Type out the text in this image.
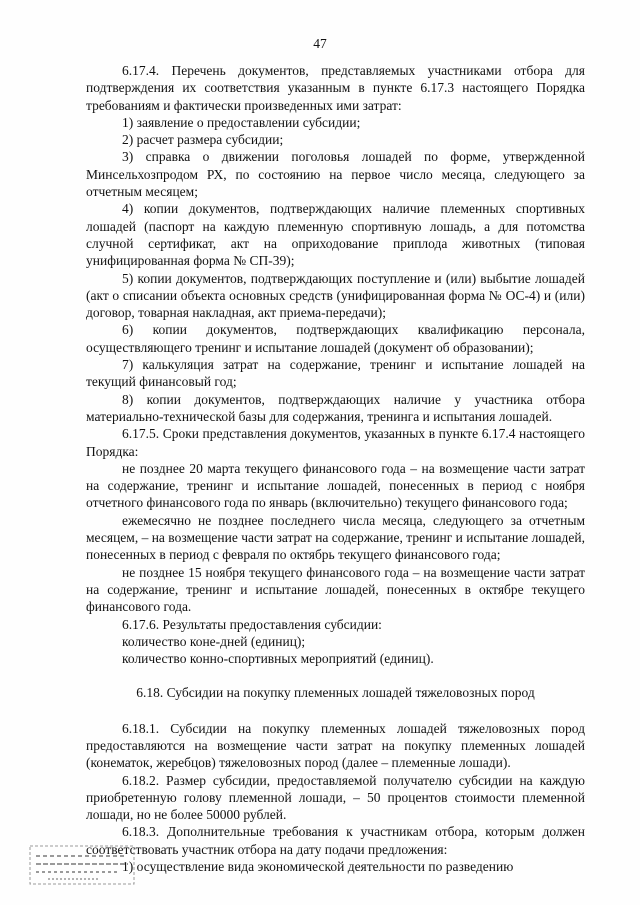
47

6.17.4. Перечень документов, представляемых участниками отбора для подтверждения их соответствия указанным в пункте 6.17.3 настоящего Порядка требованиям и фактически произведенных ими затрат:

1) заявление о предоставлении субсидии;

2) расчет размера субсидии;

3) справка о движении поголовья лошадей по форме, утвержденной Минсельхозпродом РХ, по состоянию на первое число месяца, следующего за отчетным месяцем;

4) копии документов, подтверждающих наличие племенных спортивных лошадей (паспорт на каждую племенную спортивную лошадь, а для потомства случной сертификат, акт на оприходование приплода животных (типовая унифицированная форма № СП-39);

5) копии документов, подтверждающих поступление и (или) выбытие лошадей (акт о списании объекта основных средств (унифицированная форма № ОС-4) и (или) договор, товарная накладная, акт приема-передачи);

6) копии документов, подтверждающих квалификацию персонала, осуществляющего тренинг и испытание лошадей (документ об образовании);

7) калькуляция затрат на содержание, тренинг и испытание лошадей на текущий финансовый год;

8) копии документов, подтверждающих наличие у участника отбора материально-технической базы для содержания, тренинга и испытания лошадей.

6.17.5. Сроки представления документов, указанных в пункте 6.17.4 настоящего Порядка:

не позднее 20 марта текущего финансового года – на возмещение части затрат на содержание, тренинг и испытание лошадей, понесенных в период с ноября отчетного финансового года по январь (включительно) текущего финансового года;

ежемесячно не позднее последнего числа месяца, следующего за отчетным месяцем, – на возмещение части затрат на содержание, тренинг и испытание лошадей, понесенных в период с февраля по октябрь текущего финансового года;

не позднее 15 ноября текущего финансового года – на возмещение части затрат на содержание, тренинг и испытание лошадей, понесенных в октябре текущего финансового года.

6.17.6. Результаты предоставления субсидии:

количество коне-дней (единиц);

количество конно-спортивных мероприятий (единиц).

6.18. Субсидии на покупку племенных лошадей тяжеловозных пород

6.18.1. Субсидии на покупку племенных лошадей тяжеловозных пород предоставляются на возмещение части затрат на покупку племенных лошадей (конематок, жеребцов) тяжеловозных пород (далее – племенные лошади).

6.18.2. Размер субсидии, предоставляемой получателю субсидии на каждую приобретенную голову племенной лошади, – 50 процентов стоимости племенной лошади, но не более 50000 рублей.

6.18.3. Дополнительные требования к участникам отбора, которым должен соответствовать участник отбора на дату подачи предложения:

1) осуществление вида экономической деятельности по разведению
